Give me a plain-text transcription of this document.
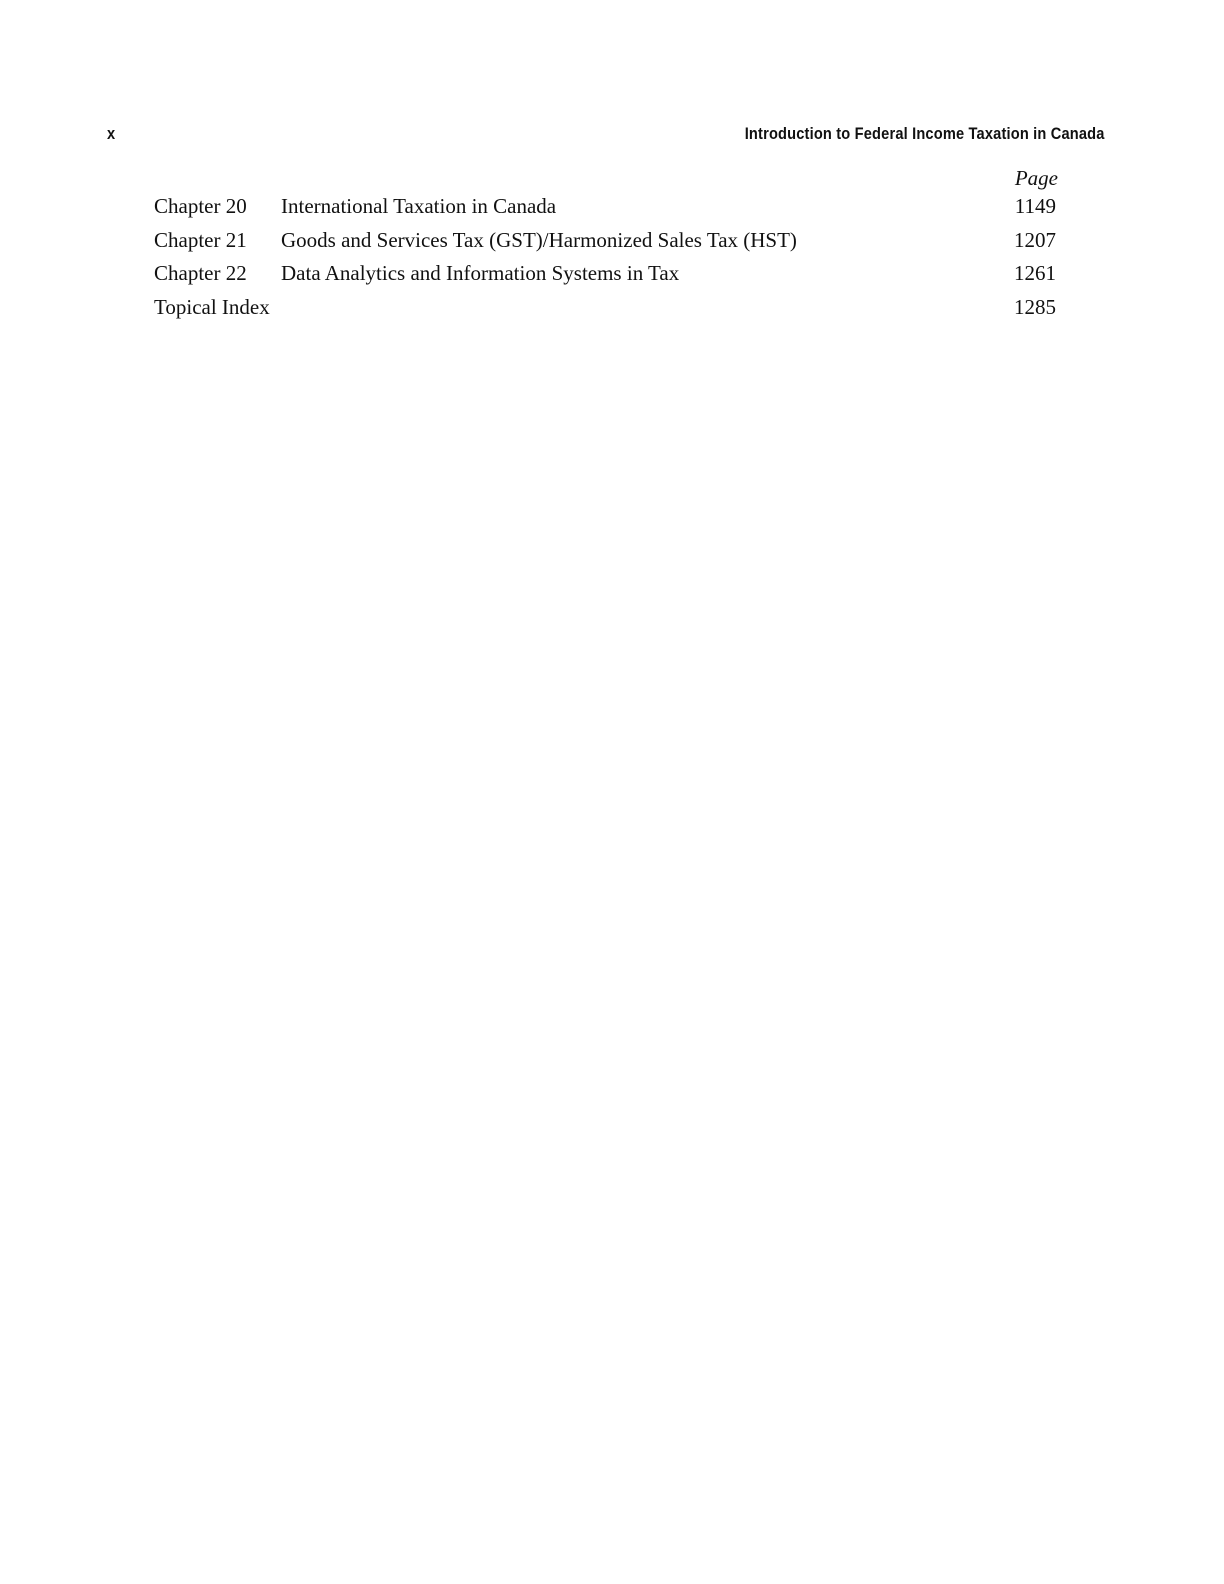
x	Introduction to Federal Income Taxation in Canada
Page
Chapter 20 International Taxation in Canada	1149
Chapter 21 Goods and Services Tax (GST)/Harmonized Sales Tax (HST)	1207
Chapter 22 Data Analytics and Information Systems in Tax	1261
Topical Index	1285
